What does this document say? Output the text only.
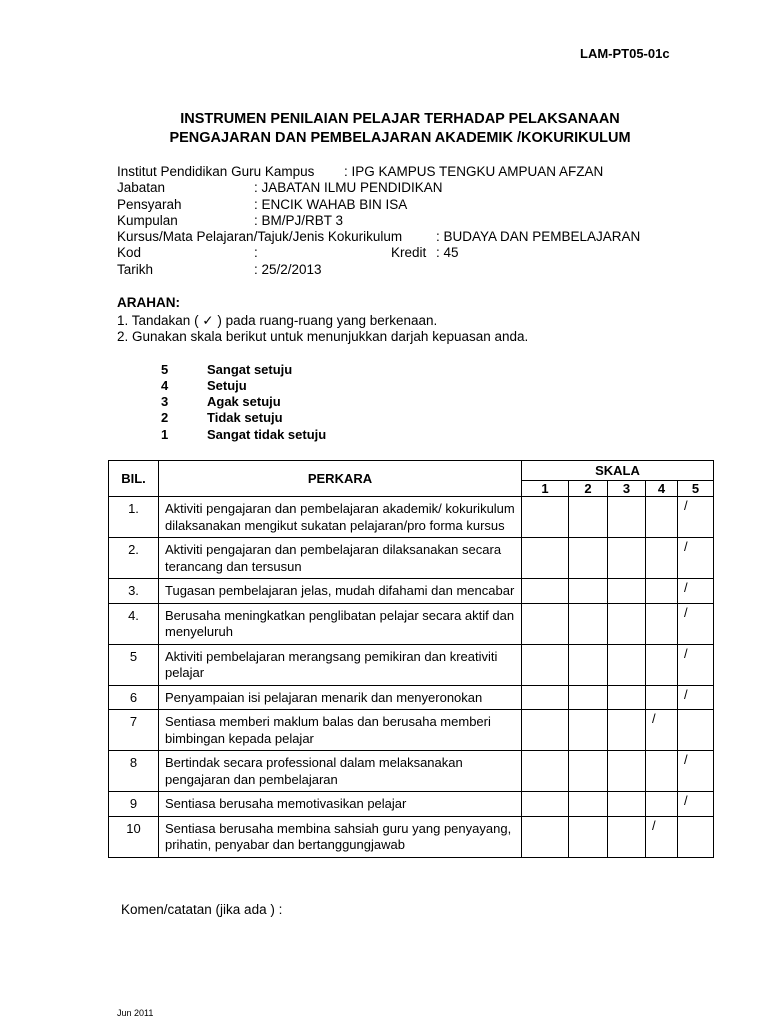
LAM-PT05-01c
INSTRUMEN PENILAIAN PELAJAR TERHADAP PELAKSANAAN
PENGAJARAN DAN PEMBELAJARAN AKADEMIK /KOKURIKULUM
Institut Pendidikan Guru Kampus : IPG KAMPUS TENGKU AMPUAN AFZAN
Jabatan	: JABATAN ILMU PENDIDIKAN
Pensyarah	: ENCIK WAHAB BIN ISA
Kumpulan	: BM/PJ/RBT 3
Kursus/Mata Pelajaran/Tajuk/Jenis Kokurikulum	: BUDAYA DAN PEMBELAJARAN
Kod	:	Kredit : 45
Tarikh	: 25/2/2013
ARAHAN:
1. Tandakan ( ✓ ) pada ruang-ruang yang berkenaan.
2. Gunakan skala berikut untuk menunjukkan darjah kepuasan anda.
5	Sangat setuju
4	Setuju
3	Agak setuju
2	Tidak setuju
1	Sangat tidak setuju
BIL.	PERKARA	SKALA				
		1	2	3	4	5
1.	Aktiviti pengajaran dan pembelajaran akademik/ kokurikulum dilaksanakan mengikut sukatan pelajaran/pro forma kursus					/

2.	Aktiviti pengajaran dan pembelajaran dilaksanakan secara terancang dan tersusun					/

3.	Tugasan pembelajaran jelas, mudah difahami dan mencabar					/

4.	Berusaha meningkatkan penglibatan pelajar secara aktif dan menyeluruh					/

5	Aktiviti pembelajaran merangsang pemikiran dan kreativiti pelajar					/

6	Penyampaian isi pelajaran menarik dan menyeronokan					/

7	Sentiasa memberi maklum balas dan berusaha memberi bimbingan kepada pelajar				/	

8	Bertindak secara professional dalam melaksanakan pengajaran dan pembelajaran					/

9	Sentiasa berusaha memotivasikan pelajar					/

10	Sentiasa berusaha membina sahsiah guru yang penyayang, prihatin, penyabar dan bertanggungjawab				/	

Komen/catatan (jika ada ) :
Jun 2011
